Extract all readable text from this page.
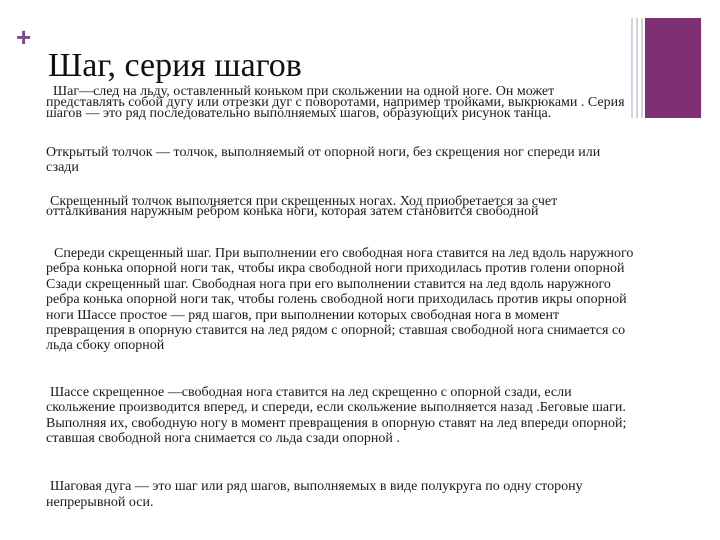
+
Шаг, серия шагов

Шаг—след на льду, оставленный коньком при скольжении на одной ноге. Он может представлять собой дугу или отрезки дуг с поворотами, например тройками, выкрюками . Серия шагов — это ряд последовательно выполняемых шагов, образующих рисунок танца.

Открытый толчок — толчок, выполняемый от опорной ноги, без скрещения ног спереди или сзади

Скрещенный толчок выполняется при скрещенных ногах. Ход приобретается за счет отталкивания наружным ребром конька ноги, которая затем становится свободной

Спереди скрещенный шаг. При выполнении его свободная нога ставится на лед вдоль наружного ребра конька опорной ноги так, чтобы икра свободной ноги приходилась против голени опорной Сзади скрещенный шаг. Свободная нога при его выполнении ставится на лед вдоль наружного ребра конька опорной ноги так, чтобы голень свободной ноги приходилась против икры опорной ноги Шассе простое — ряд шагов, при выполнении которых свободная нога в момент превращения в опорную ставится на лед рядом с опорной; ставшая свободной нога снимается со льда сбоку опорной

Шассе скрещенное —свободная нога ставится на лед скрещенно с опорной сзади, если скольжение производится вперед, и спереди, если скольжение выполняется назад .Беговые шаги. Выполняя их, свободную ногу в момент превращения в опорную ставят на лед впереди опорной; ставшая свободной нога снимается со льда сзади опорной .

Шаговая дуга — это шаг или ряд шагов, выполняемых в виде полукруга по одну сторону непрерывной оси.
